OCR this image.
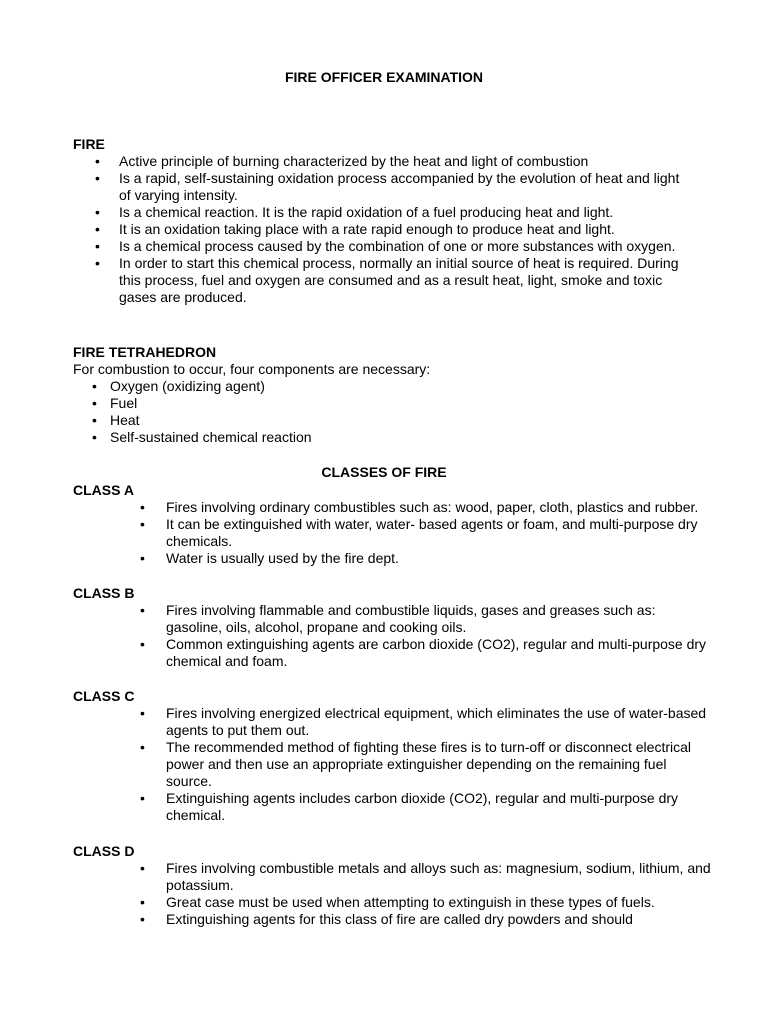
FIRE OFFICER EXAMINATION
FIRE
• Active principle of burning characterized by the heat and light of combustion
• Is a rapid, self-sustaining oxidation process accompanied by the evolution of heat and light of varying intensity.
• Is a chemical reaction. It is the rapid oxidation of a fuel producing heat and light.
• It is an oxidation taking place with a rate rapid enough to produce heat and light.
• Is a chemical process caused by the combination of one or more substances with oxygen.
• In order to start this chemical process, normally an initial source of heat is required. During this process, fuel and oxygen are consumed and as a result heat, light, smoke and toxic gases are produced.
FIRE TETRAHEDRON
For combustion to occur, four components are necessary:
• Oxygen (oxidizing agent)
• Fuel
• Heat
• Self-sustained chemical reaction
CLASSES OF FIRE
CLASS A
• Fires involving ordinary combustibles such as: wood, paper, cloth, plastics and rubber.
• It can be extinguished with water, water- based agents or foam, and multi-purpose dry chemicals.
• Water is usually used by the fire dept.
CLASS B
• Fires involving flammable and combustible liquids, gases and greases such as: gasoline, oils, alcohol, propane and cooking oils.
• Common extinguishing agents are carbon dioxide (CO2), regular and multi-purpose dry chemical and foam.
CLASS C
• Fires involving energized electrical equipment, which eliminates the use of water-based agents to put them out.
• The recommended method of fighting these fires is to turn-off or disconnect electrical power and then use an appropriate extinguisher depending on the remaining fuel source.
• Extinguishing agents includes carbon dioxide (CO2), regular and multi-purpose dry chemical.
CLASS D
• Fires involving combustible metals and alloys such as: magnesium, sodium, lithium, and potassium.
• Great case must be used when attempting to extinguish in these types of fuels.
• Extinguishing agents for this class of fire are called dry powders and should
